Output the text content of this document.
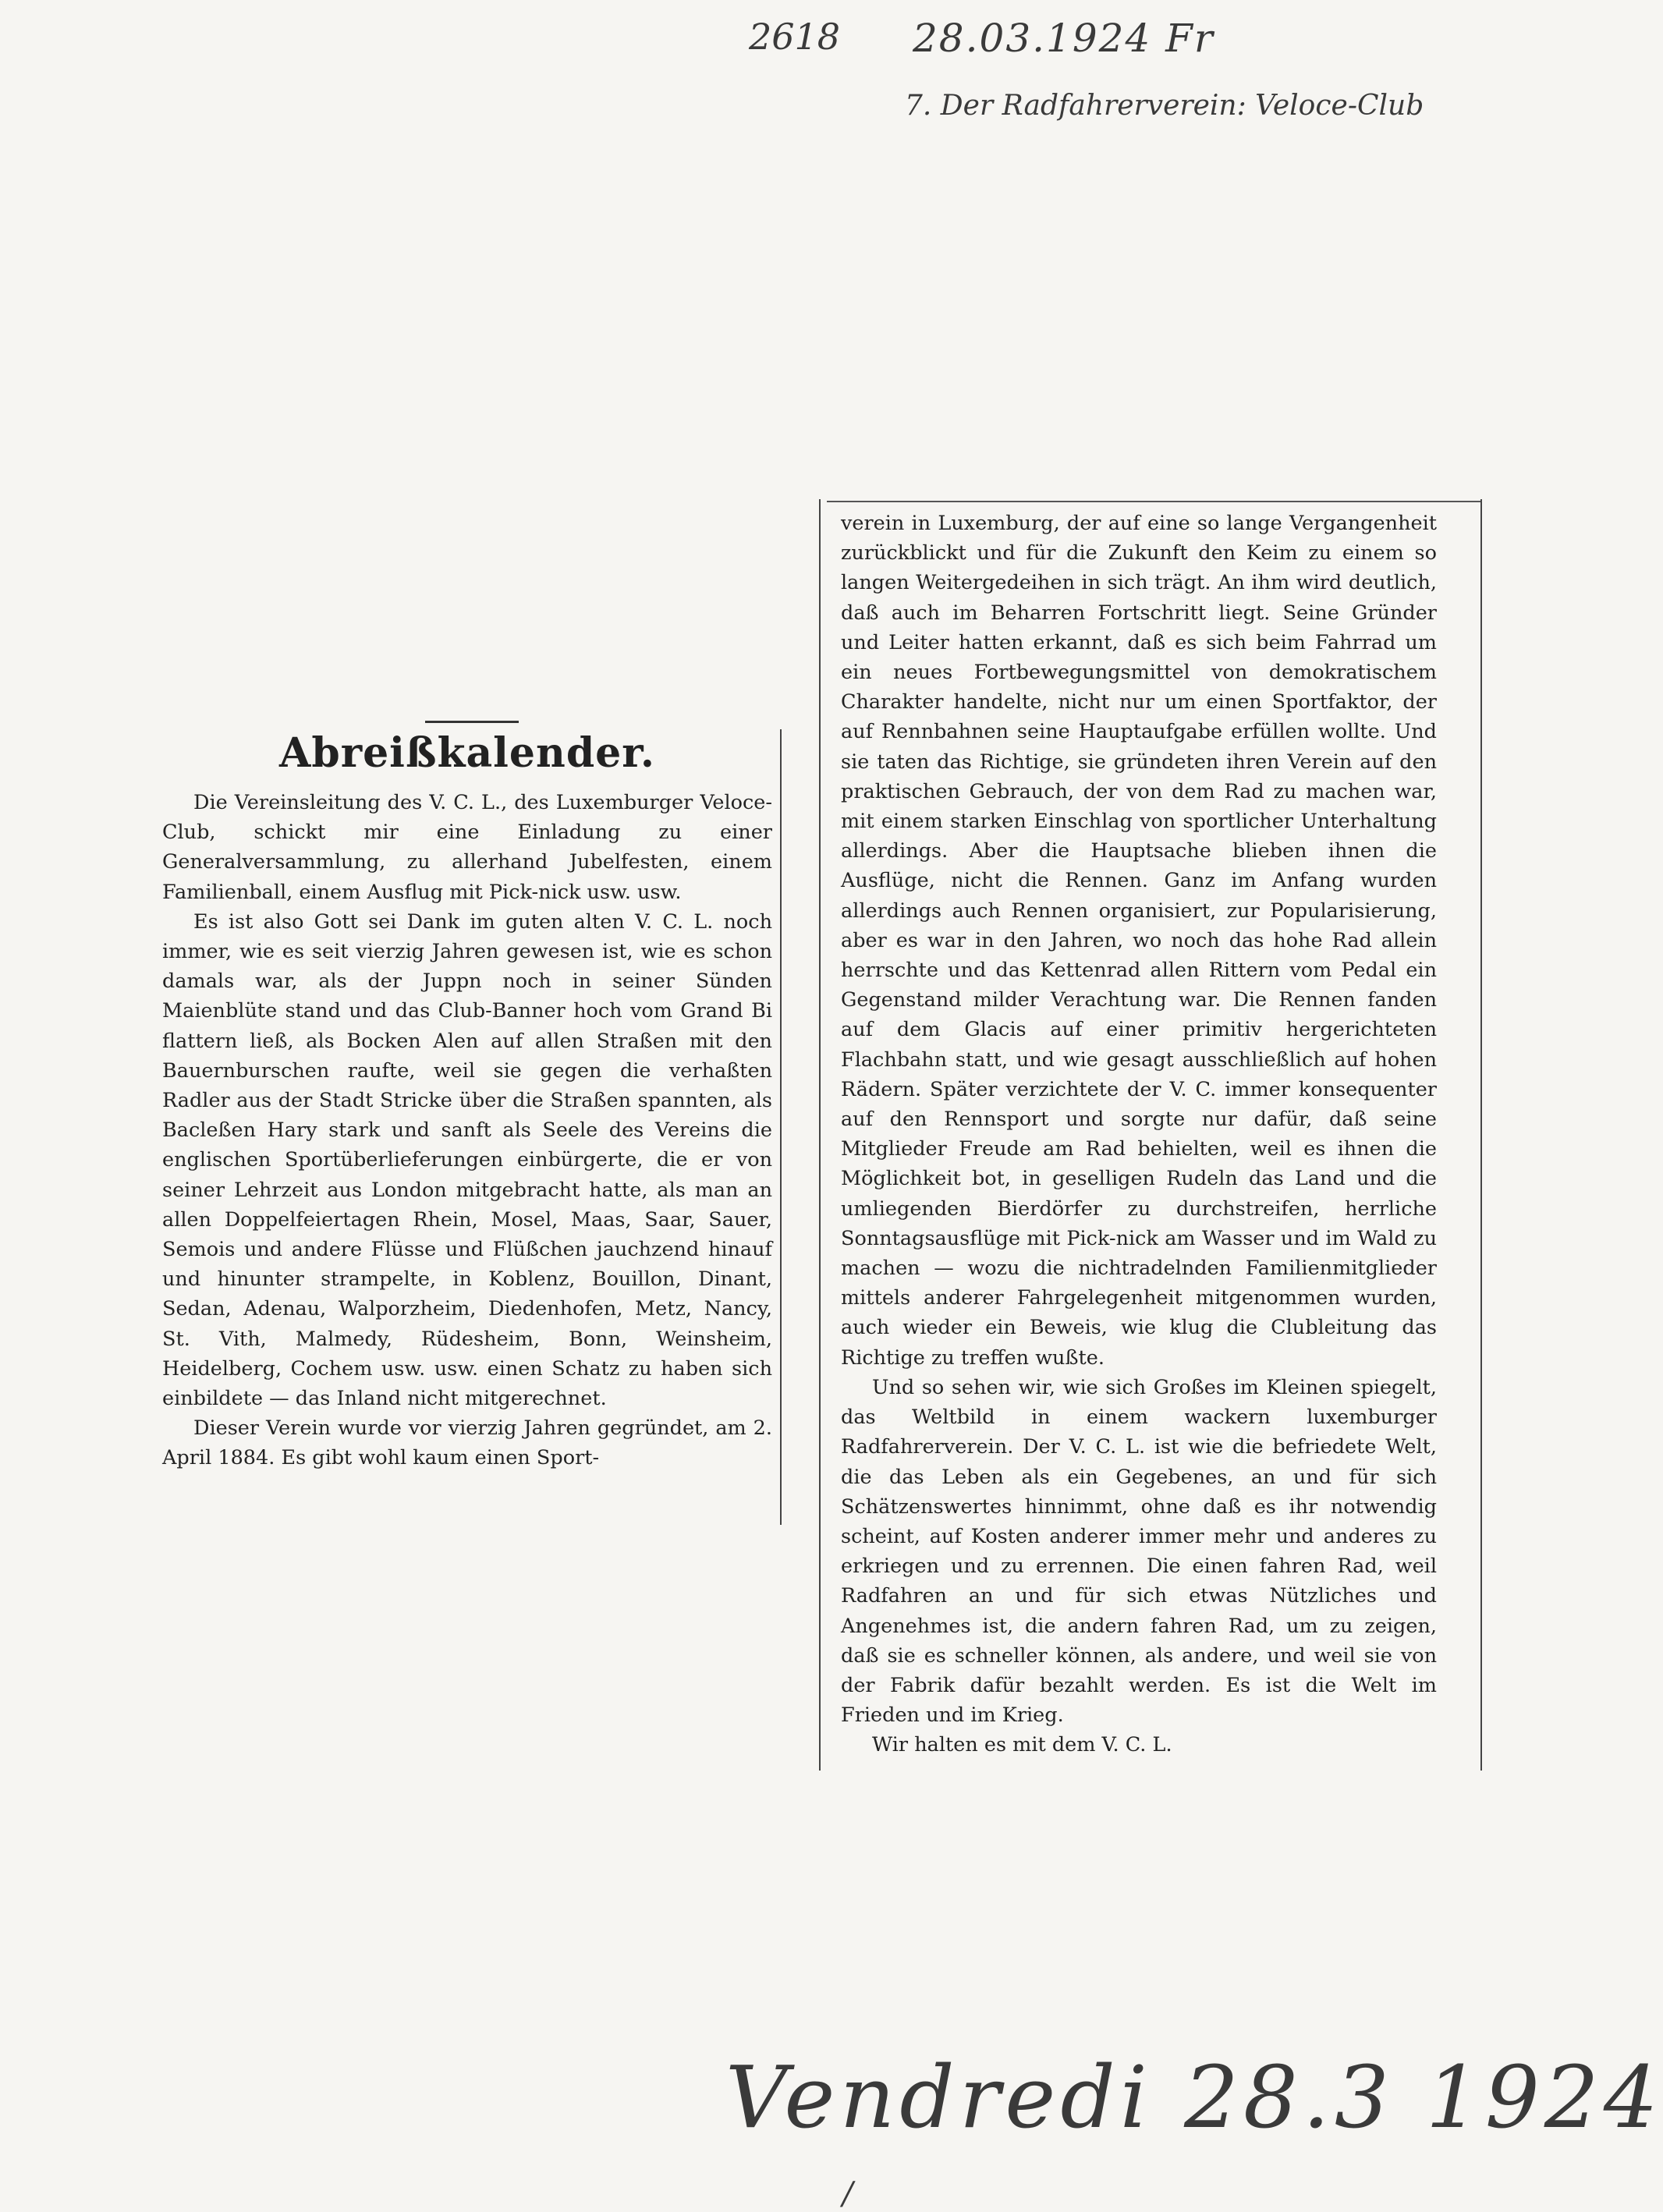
2618 28.03.1924 Fr
7. Der Radfahrerverein: Veloce-Club
Abreißkalender.

Die Vereinsleitung des V. C. L., des Luxemburger Veloce-Club, schickt mir eine Einladung zu einer Generalversammlung, zu allerhand Jubelfesten, einem Familienball, einem Ausflug mit Pick-nick usw. usw.

Es ist also Gott sei Dank im guten alten V. C. L. noch immer, wie es seit vierzig Jahren gewesen ist, wie es schon damals war, als der Juppn noch in seiner Sünden Maienblüte stand und das Club-Banner hoch vom Grand Bi flattern ließ, als Bocken Alen auf allen Straßen mit den Bauernburschen raufte, weil sie gegen die verhaßten Radler aus der Stadt Stricke über die Straßen spannten, als Bacleßen Hary stark und sanft als Seele des Vereins die englischen Sportüberlieferungen einbürgerte, die er von seiner Lehrzeit aus London mitgebracht hatte, als man an allen Doppelfeiertagen Rhein, Mosel, Maas, Saar, Sauer, Semois und andere Flüsse und Flüßchen jauchzend hinauf und hinunter strampelte, in Koblenz, Bouillon, Dinant, Sedan, Adenau, Walporzheim, Diedenhofen, Metz, Nancy, St. Vith, Malmedy, Rüdesheim, Bonn, Weinsheim, Heidelberg, Cochem usw. usw. einen Schatz zu haben sich einbildete — das Inland nicht mitgerechnet.

Dieser Verein wurde vor vierzig Jahren gegründet, am 2. April 1884. Es gibt wohl kaum einen Sport-

verein in Luxemburg, der auf eine so lange Vergangenheit zurückblickt und für die Zukunft den Keim zu einem so langen Weitergedeihen in sich trägt. An ihm wird deutlich, daß auch im Beharren Fortschritt liegt. Seine Gründer und Leiter hatten erkannt, daß es sich beim Fahrrad um ein neues Fortbewegungsmittel von demokratischem Charakter handelte, nicht nur um einen Sportfaktor, der auf Rennbahnen seine Hauptaufgabe erfüllen wollte. Und sie taten das Richtige, sie gründeten ihren Verein auf den praktischen Gebrauch, der von dem Rad zu machen war, mit einem starken Einschlag von sportlicher Unterhaltung allerdings. Aber die Hauptsache blieben ihnen die Ausflüge, nicht die Rennen. Ganz im Anfang wurden allerdings auch Rennen organisiert, zur Popularisierung, aber es war in den Jahren, wo noch das hohe Rad allein herrschte und das Kettenrad allen Rittern vom Pedal ein Gegenstand milder Verachtung war. Die Rennen fanden auf dem Glacis auf einer primitiv hergerichteten Flachbahn statt, und wie gesagt ausschließlich auf hohen Rädern. Später verzichtete der V. C. immer konsequenter auf den Rennsport und sorgte nur dafür, daß seine Mitglieder Freude am Rad behielten, weil es ihnen die Möglichkeit bot, in geselligen Rudeln das Land und die umliegenden Bierdörfer zu durchstreifen, herrliche Sonntagsausflüge mit Pick-nick am Wasser und im Wald zu machen — wozu die nichtradelnden Familienmitglieder mittels anderer Fahrgelegenheit mitgenommen wurden, auch wieder ein Beweis, wie klug die Clubleitung das Richtige zu treffen wußte.

Und so sehen wir, wie sich Großes im Kleinen spiegelt, das Weltbild in einem wackern luxemburger Radfahrerverein. Der V. C. L. ist wie die befriedete Welt, die das Leben als ein Gegebenes, an und für sich Schätzenswertes hinnimmt, ohne daß es ihr notwendig scheint, auf Kosten anderer immer mehr und anderes zu erkriegen und zu errennen. Die einen fahren Rad, weil Radfahren an und für sich etwas Nützliches und Angenehmes ist, die andern fahren Rad, um zu zeigen, daß sie es schneller können, als andere, und weil sie von der Fabrik dafür bezahlt werden. Es ist die Welt im Frieden und im Krieg.

Wir halten es mit dem V. C. L.

Vendredi 28.3 1924
/
